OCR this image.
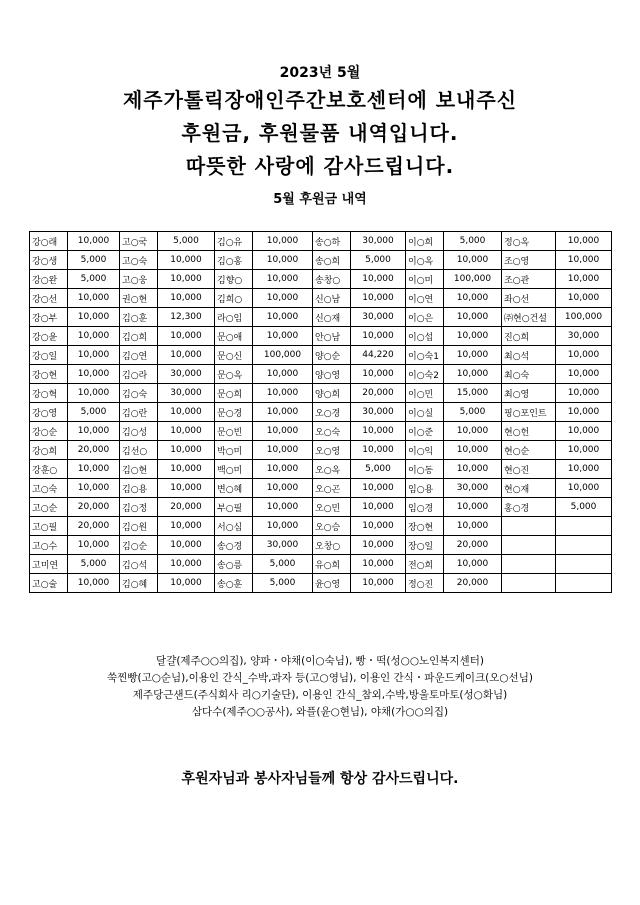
2023년 5월
제주가톨릭장애인주간보호센터에 보내주신
후원금, 후원물품 내역입니다.
따뜻한 사랑에 감사드립니다.
5월 후원금 내역
강○래	10,000	고○국	5,000	김○유	10,000	송○하	30,000	이○희	5,000	정○옥	10,000
강○생	5,000	고○숙	10,000	김○홍	10,000	송○희	5,000	이○옥	10,000	조○영	10,000
강○완	5,000	고○웅	10,000	김향○	10,000	송창○	10,000	이○미	100,000	조○관	10,000
강○선	10,000	권○현	10,000	김희○	10,000	신○남	10,000	이○연	10,000	좌○선	10,000
강○부	10,000	김○훈	12,300	라○임	10,000	신○재	30,000	이○은	10,000	㈜현○건설	100,000
강○윤	10,000	김○희	10,000	문○애	10,000	안○남	10,000	이○섭	10,000	진○희	30,000
강○일	10,000	김○연	10,000	문○신	100,000	양○순	44,220	이○숙1	10,000	최○석	10,000
강○현	10,000	김○라	30,000	문○옥	10,000	양○영	10,000	이○숙2	10,000	최○숙	10,000
강○혁	10,000	김○숙	30,000	문○희	10,000	양○희	20,000	이○민	15,000	최○영	10,000
강○영	5,000	김○란	10,000	문○경	10,000	오○경	30,000	이○실	5,000	핑○포인트	10,000
강○순	10,000	김○성	10,000	문○빈	10,000	오○숙	10,000	이○준	10,000	현○헌	10,000
강○희	20,000	김선○	10,000	박○미	10,000	오○영	10,000	이○익	10,000	현○순	10,000
강훈○	10,000	김○현	10,000	백○미	10,000	오○옥	5,000	이○동	10,000	현○진	10,000
고○숙	10,000	김○용	10,000	변○혜	10,000	오○곤	10,000	임○용	30,000	현○재	10,000
고○순	20,000	김○정	20,000	부○필	10,000	오○민	10,000	임○경	10,000	홍○경	5,000
고○필	20,000	김○원	10,000	서○심	10,000	오○승	10,000	장○현	10,000		
고○수	10,000	김○순	10,000	송○경	30,000	오창○	10,000	장○일	20,000		
고미연	5,000	김○석	10,000	송○릉	5,000	유○희	10,000	전○희	10,000		
고○술	10,000	김○혜	10,000	송○훈	5,000	윤○영	10,000	정○진	20,000		
달걀(제주○○의집), 양파・야채(이○숙님), 빵・떡(성○○노인복지센터)
쑥찐빵(고○순님),이용인 간식_수박,과자 등(고○영님), 이용인 간식・파운드케이크(오○선님)
제주당근샌드(주식회사 리○기술단), 이용인 간식_참외,수박,방울토마토(성○화님)
삼다수(제주○○공사), 와플(윤○현님), 야채(가○○의집)
후원자님과 봉사자님들께 항상 감사드립니다.
